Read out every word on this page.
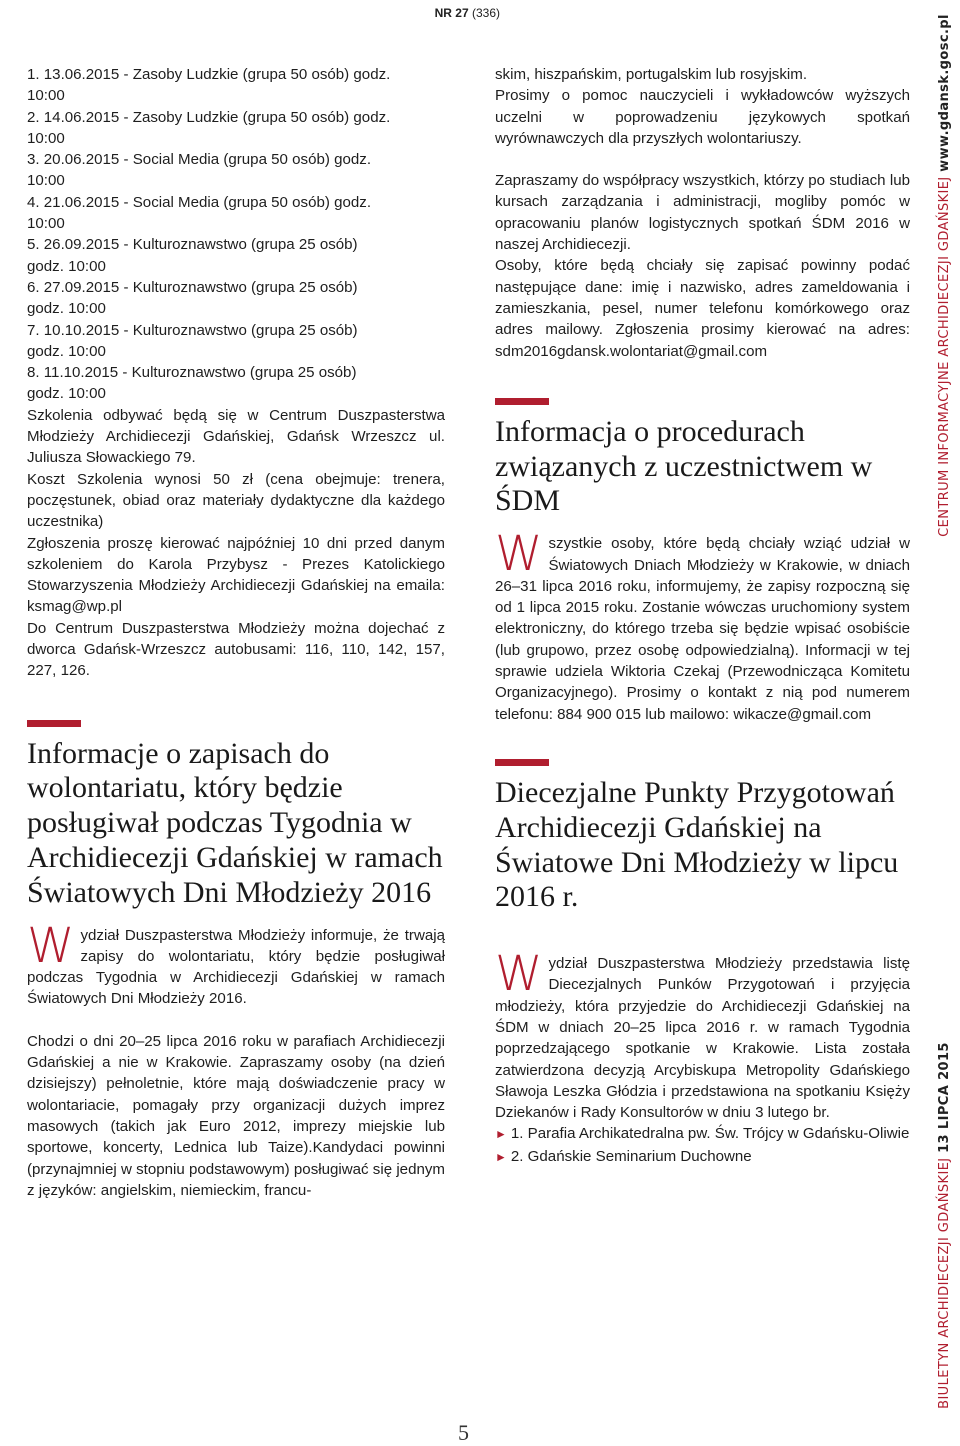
NR 27 (336)

1. 13.06.2015 - Zasoby Ludzkie (grupa 50 osób) godz.

10:00

2. 14.06.2015 - Zasoby Ludzkie (grupa 50 osób) godz.

10:00

3. 20.06.2015 - Social Media (grupa 50 osób) godz.

10:00

4. 21.06.2015 - Social Media (grupa 50 osób) godz.

10:00

5. 26.09.2015 - Kulturoznawstwo (grupa 25 osób)

godz. 10:00

6. 27.09.2015 - Kulturoznawstwo (grupa 25 osób)

godz. 10:00

7. 10.10.2015 - Kulturoznawstwo (grupa 25 osób)

godz. 10:00

8. 11.10.2015 - Kulturoznawstwo (grupa 25 osób)

godz. 10:00

Szkolenia odbywać będą się w Centrum Duszpasterstwa Młodzieży Archidiecezji Gdańskiej, Gdańsk Wrzeszcz ul. Juliusza Słowackiego 79.

Koszt Szkolenia wynosi 50 zł (cena obejmuje: trenera, poczęstunek, obiad oraz materiały dydaktyczne dla każdego uczestnika)

Zgłoszenia proszę kierować najpóźniej 10 dni przed danym szkoleniem do Karola Przybysz - Prezes Katolickiego Stowarzyszenia Młodzieży Archidiecezji Gdańskiej na emaila: ksmag@wp.pl

Do Centrum Duszpasterstwa Młodzieży można dojechać z dworca Gdańsk-Wrzeszcz autobusami: 116, 110, 142, 157, 227, 126.

Informacje o zapisach do wolontariatu, który będzie posługiwał podczas Tygodnia w Archidiecezji Gdańskiej w ramach Światowych Dni Młodzieży 2016

Wydział Duszpasterstwa Młodzieży informuje, że trwają zapisy do wolontariatu, który będzie posługiwał podczas Tygodnia w Archidiecezji Gdańskiej w ramach Światowych Dni Młodzieży 2016.

Chodzi o dni 20–25 lipca 2016 roku w parafiach Archidiecezji Gdańskiej a nie w Krakowie. Zapraszamy osoby (na dzień dzisiejszy) pełnoletnie, które mają doświadczenie pracy w wolontariacie, pomagały przy organizacji dużych imprez masowych (takich jak Euro 2012, imprezy miejskie lub sportowe, koncerty, Lednica lub Taize).Kandydaci powinni (przynajmniej w stopniu podstawowym) posługiwać się jednym z języków: angielskim, niemieckim, francu-

skim, hiszpańskim, portugalskim lub rosyjskim.

Prosimy o pomoc nauczycieli i wykładowców wyższych uczelni w poprowadzeniu językowych spotkań wyrównawczych dla przyszłych wolontariuszy.

Zapraszamy do współpracy wszystkich, którzy po studiach lub kursach zarządzania i administracji, mogliby pomóc w opracowaniu planów logistycznych spotkań ŚDM 2016 w naszej Archidiecezji.

Osoby, które będą chciały się zapisać powinny podać następujące dane: imię i nazwisko, adres zameldowania i zamieszkania, pesel, numer telefonu komórkowego oraz adres mailowy. Zgłoszenia prosimy kierować na adres: sdm2016gdansk.wolontariat@gmail.com

Informacja o procedurach związanych z uczestnictwem w ŚDM

Wszystkie osoby, które będą chciały wziąć udział w Światowych Dniach Młodzieży w Krakowie, w dniach 26–31 lipca 2016 roku, informujemy, że zapisy rozpoczną się od 1 lipca 2015 roku. Zostanie wówczas uruchomiony system elektroniczny, do którego trzeba się będzie wpisać osobiście (lub grupowo, przez osobę odpowiedzialną). Informacji w tej sprawie udziela Wiktoria Czekaj (Przewodnicząca Komitetu Organizacyjnego). Prosimy o kontakt z nią pod numerem telefonu: 884 900 015 lub mailowo: wikacze@gmail.com

Diecezjalne Punkty Przygotowań Archidiecezji Gdańskiej na Światowe Dni Młodzieży w lipcu 2016 r.

Wydział Duszpasterstwa Młodzieży przedstawia listę Diecezjalnych Punków Przygotowań i przyjęcia młodzieży, która przyjedzie do Archidiecezji Gdańskiej na ŚDM w dniach 20–25 lipca 2016 r. w ramach Tygodnia poprzedzającego spotkanie w Krakowie. Lista została zatwierdzona decyzją Arcybiskupa Metropolity Gdańskiego Sławoja Leszka Głódzia i przedstawiona na spotkaniu Księży Dziekanów i Rady Konsultorów w dniu 3 lutego br.

► 1. Parafia Archikatedralna pw. Św. Trójcy w Gdańsku-Oliwie

► 2. Gdańskie Seminarium Duchowne

CENTRUM INFORMACYJNE ARCHIDIECEZJI GDAŃSKIEJ www.gdansk.gosc.pl
BIULETYN ARCHIDIECEZJI GDAŃSKIEJ 13 LIPCA 2015
5
